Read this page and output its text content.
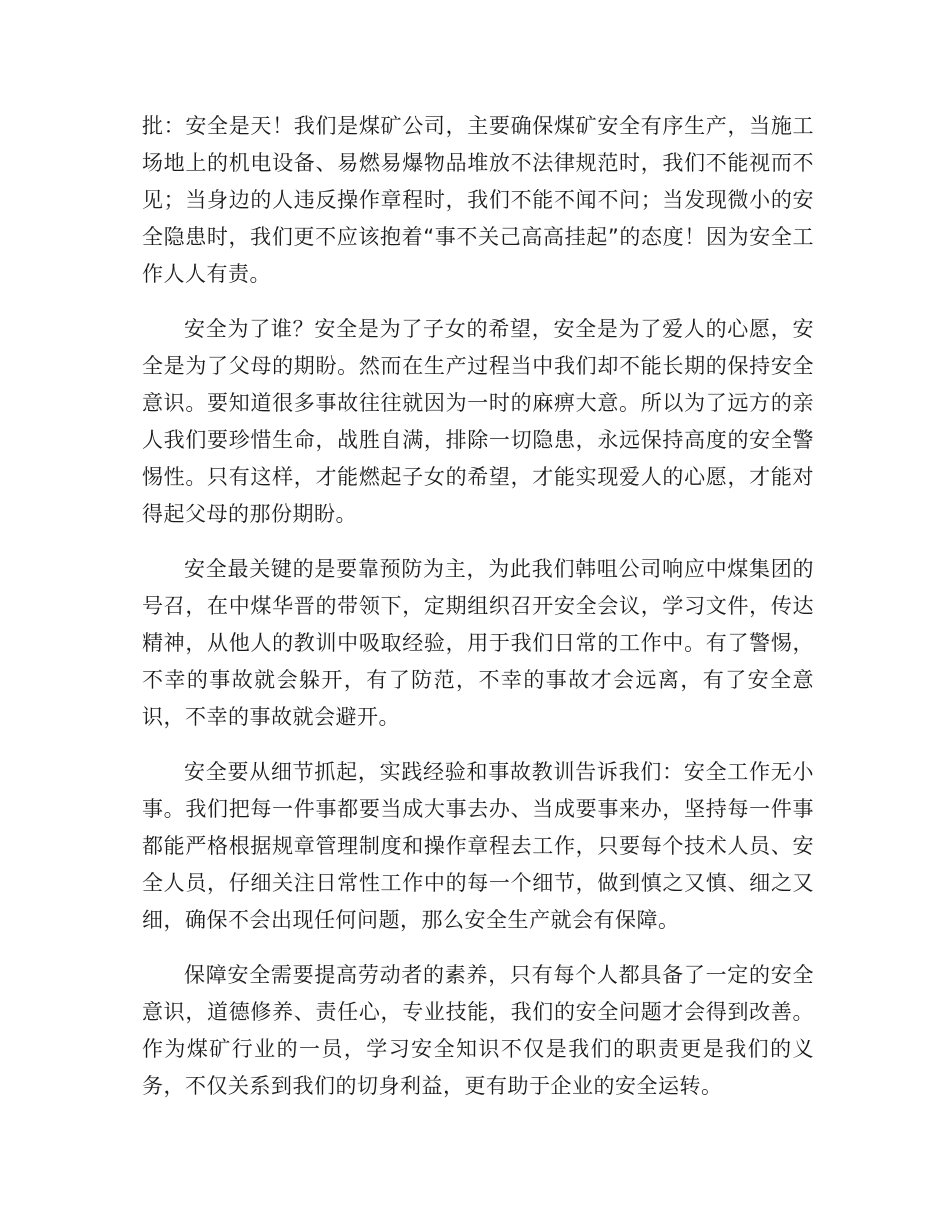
批：安全是天！我们是煤矿公司，主要确保煤矿安全有序生产，当施工场地上的机电设备、易燃易爆物品堆放不法律规范时，我们不能视而不见；当身边的人违反操作章程时，我们不能不闻不问；当发现微小的安全隐患时，我们更不应该抱着“事不关己高高挂起”的态度！因为安全工作人人有责。

安全为了谁？安全是为了子女的希望，安全是为了爱人的心愿，安全是为了父母的期盼。然而在生产过程当中我们却不能长期的保持安全意识。要知道很多事故往往就因为一时的麻痹大意。所以为了远方的亲人我们要珍惜生命，战胜自满，排除一切隐患，永远保持高度的安全警惕性。只有这样，才能燃起子女的希望，才能实现爱人的心愿，才能对得起父母的那份期盼。

安全最关键的是要靠预防为主，为此我们韩咀公司响应中煤集团的号召，在中煤华晋的带领下，定期组织召开安全会议，学习文件，传达精神，从他人的教训中吸取经验，用于我们日常的工作中。有了警惕，不幸的事故就会躲开，有了防范，不幸的事故才会远离，有了安全意识，不幸的事故就会避开。

安全要从细节抓起，实践经验和事故教训告诉我们：安全工作无小事。我们把每一件事都要当成大事去办、当成要事来办，坚持每一件事都能严格根据规章管理制度和操作章程去工作，只要每个技术人员、安全人员，仔细关注日常性工作中的每一个细节，做到慎之又慎、细之又细，确保不会出现任何问题，那么安全生产就会有保障。

保障安全需要提高劳动者的素养，只有每个人都具备了一定的安全意识，道德修养、责任心，专业技能，我们的安全问题才会得到改善。作为煤矿行业的一员，学习安全知识不仅是我们的职责更是我们的义务，不仅关系到我们的切身利益，更有助于企业的安全运转。
